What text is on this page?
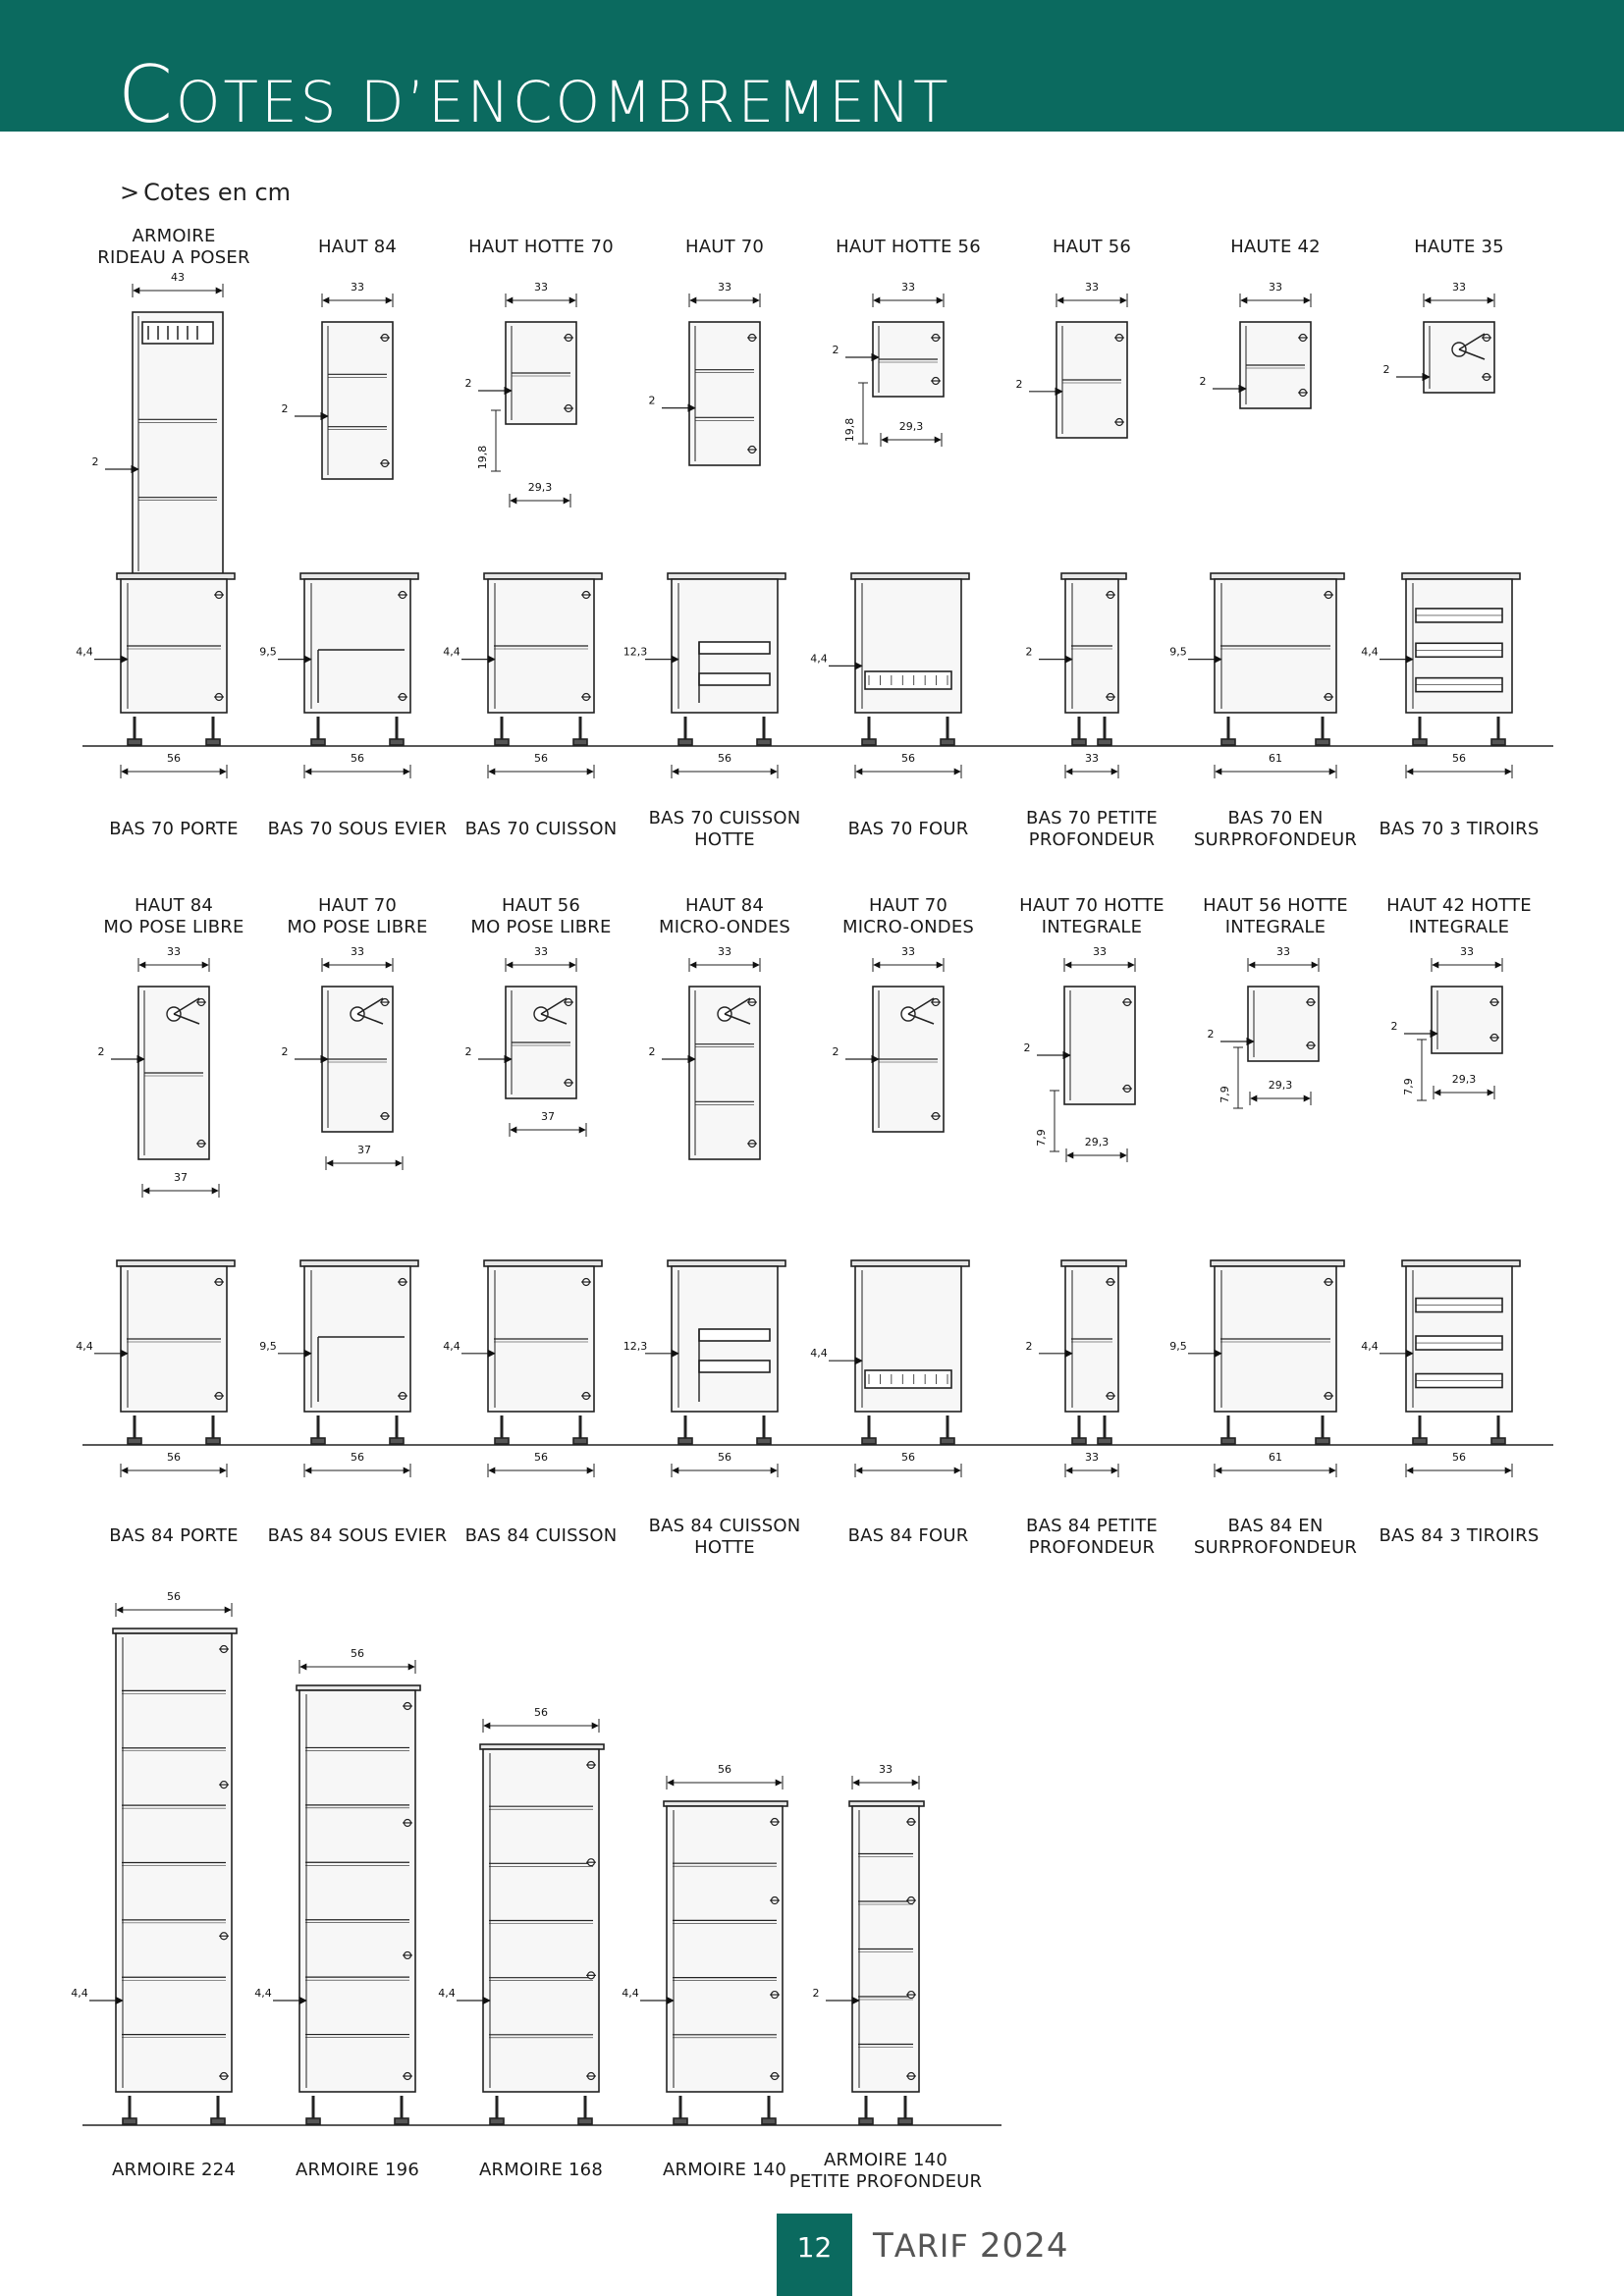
COTES D’ENCOMBREMENT
> Cotes en cm
43
2
33
2
33
2
29,3
19,8
33
2
33
2
29,3
19,8
33
2
33
2
33
2
4,4
56
9,5
56
4,4
56
12,3
56
4,4
56
2
33
9,5
61
4,4
56
33
2
37
33
2
37
33
2
37
33
2
33
2
33
2
29,3
7,9
33
2
29,3
7,9
33
2
29,3
7,9
4,4
56
9,5
56
4,4
56
12,3
56
4,4
56
2
33
9,5
61
4,4
56
56
4,4
56
4,4
56
4,4
56
4,4
33
2
ARMOIRE
RIDEAU A POSER
HAUT 84	HAUT HOTTE 70	HAUT 70	HAUT HOTTE 56	HAUT 56	HAUTE 42	HAUTE 35
BAS 70 PORTE BAS 70 SOUS EVIER BAS 70 CUISSON
BAS 70 CUISSON
HOTTE
BAS 70 FOUR
BAS 70 PETITE
PROFONDEUR
BAS 70 EN
SURPROFONDEUR
BAS 70 3 TIROIRS
HAUT 84
MO POSE LIBRE
HAUT 70
MO POSE LIBRE
HAUT 56
MO POSE LIBRE
HAUT 84
MICRO-ONDES
HAUT 70
MICRO-ONDES
HAUT 70 HOTTE
INTEGRALE
HAUT 56 HOTTE
INTEGRALE
HAUT 42 HOTTE
INTEGRALE
BAS 84 PORTE BAS 84 SOUS EVIER BAS 84 CUISSON BAS 84 CUISSON
HOTTE
BAS 84 FOUR	BAS 84 PETITE
PROFONDEUR
BAS 84 EN
SURPROFONDEUR
BAS 84 3 TIROIRS
ARMOIRE 224	ARMOIRE 196	ARMOIRE 168	ARMOIRE 140	ARMOIRE 140
PETITE PROFONDEUR
12	TARIF 2024
